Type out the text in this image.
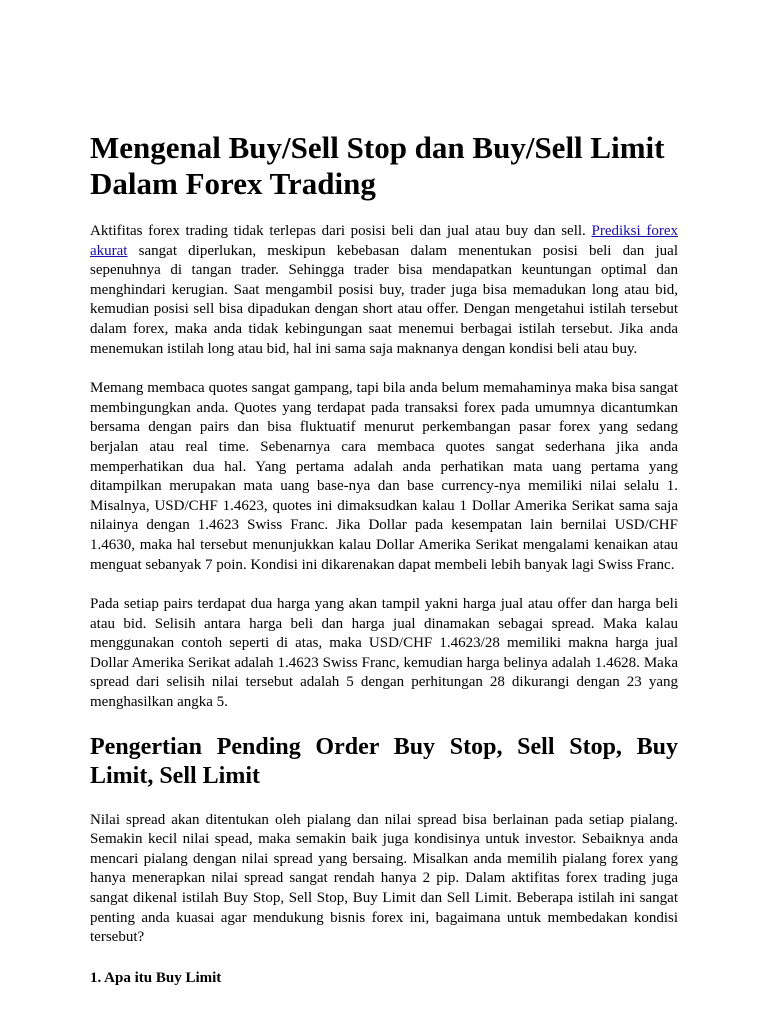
Mengenal Buy/Sell Stop dan Buy/Sell Limit Dalam Forex Trading

Aktifitas forex trading tidak terlepas dari posisi beli dan jual atau buy dan sell. Prediksi forex akurat sangat diperlukan, meskipun kebebasan dalam menentukan posisi beli dan jual sepenuhnya di tangan trader. Sehingga trader bisa mendapatkan keuntungan optimal dan menghindari kerugian. Saat mengambil posisi buy, trader juga bisa memadukan long atau bid, kemudian posisi sell bisa dipadukan dengan short atau offer. Dengan mengetahui istilah tersebut dalam forex, maka anda tidak kebingungan saat menemui berbagai istilah tersebut. Jika anda menemukan istilah long atau bid, hal ini sama saja maknanya dengan kondisi beli atau buy.

Memang membaca quotes sangat gampang, tapi bila anda belum memahaminya maka bisa sangat membingungkan anda. Quotes yang terdapat pada transaksi forex pada umumnya dicantumkan bersama dengan pairs dan bisa fluktuatif menurut perkembangan pasar forex yang sedang berjalan atau real time. Sebenarnya cara membaca quotes sangat sederhana jika anda memperhatikan dua hal. Yang pertama adalah anda perhatikan mata uang pertama yang ditampilkan merupakan mata uang base-nya dan base currency-nya memiliki nilai selalu 1. Misalnya, USD/CHF 1.4623, quotes ini dimaksudkan kalau 1 Dollar Amerika Serikat sama saja nilainya dengan 1.4623 Swiss Franc. Jika Dollar pada kesempatan lain bernilai USD/CHF 1.4630, maka hal tersebut menunjukkan kalau Dollar Amerika Serikat mengalami kenaikan atau menguat sebanyak 7 poin. Kondisi ini dikarenakan dapat membeli lebih banyak lagi Swiss Franc.

Pada setiap pairs terdapat dua harga yang akan tampil yakni harga jual atau offer dan harga beli atau bid. Selisih antara harga beli dan harga jual dinamakan sebagai spread. Maka kalau menggunakan contoh seperti di atas, maka USD/CHF 1.4623/28 memiliki makna harga jual Dollar Amerika Serikat adalah 1.4623 Swiss Franc, kemudian harga belinya adalah 1.4628. Maka spread dari selisih nilai tersebut adalah 5 dengan perhitungan 28 dikurangi dengan 23 yang menghasilkan angka 5.

Pengertian Pending Order Buy Stop, Sell Stop, Buy Limit, Sell Limit

Nilai spread akan ditentukan oleh pialang dan nilai spread bisa berlainan pada setiap pialang. Semakin kecil nilai spead, maka semakin baik juga kondisinya untuk investor. Sebaiknya anda mencari pialang dengan nilai spread yang bersaing. Misalkan anda memilih pialang forex yang hanya menerapkan nilai spread sangat rendah hanya 2 pip. Dalam aktifitas forex trading juga sangat dikenal istilah Buy Stop, Sell Stop, Buy Limit dan Sell Limit. Beberapa istilah ini sangat penting anda kuasai agar mendukung bisnis forex ini, bagaimana untuk membedakan kondisi tersebut?

1. Apa itu Buy Limit
